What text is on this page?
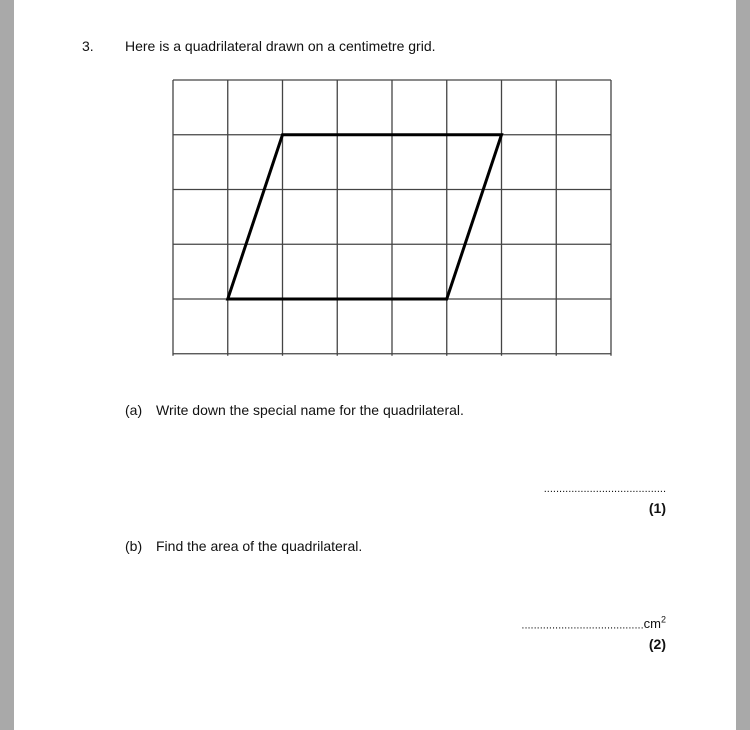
3. Here is a quadrilateral drawn on a centimetre grid.
(a) Write down the special name for the quadrilateral.
........................................
(1)
(b) Find the area of the quadrilateral.
$........................................cm^2$
(2)
